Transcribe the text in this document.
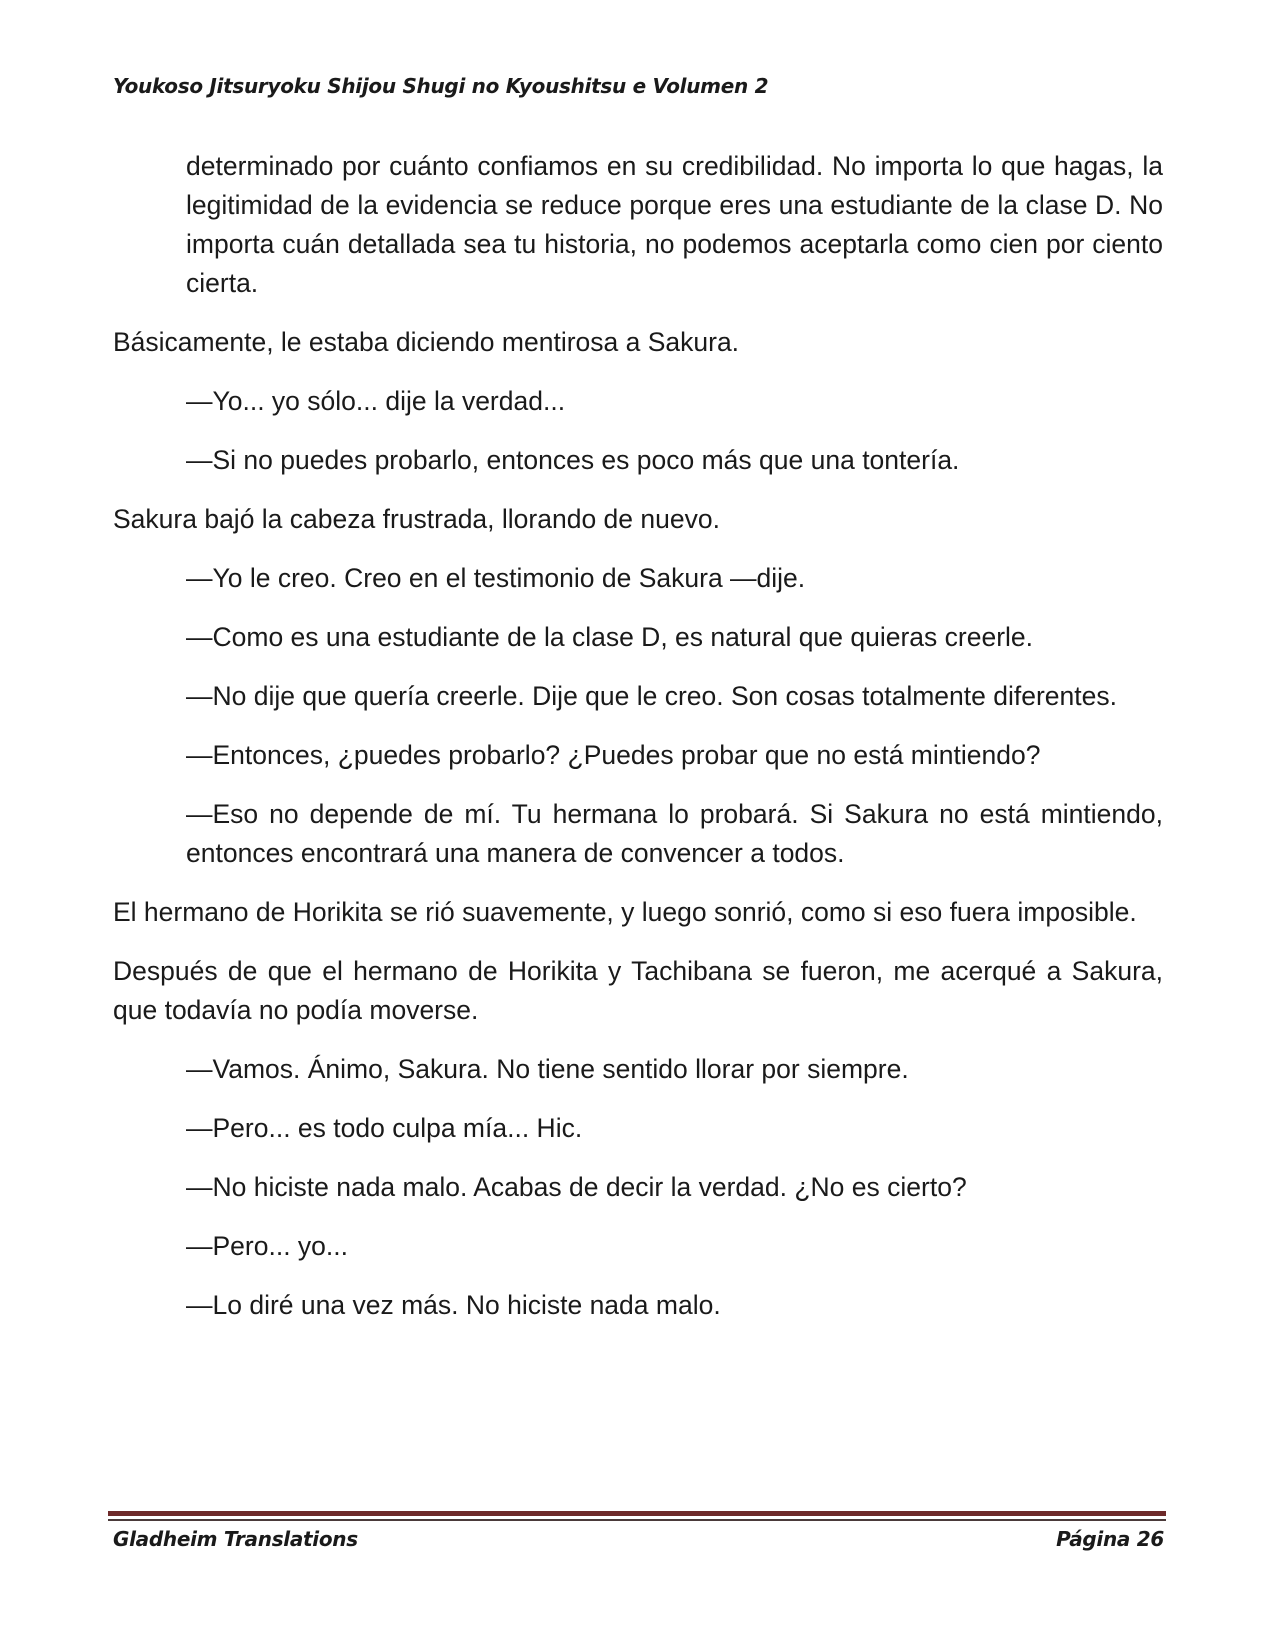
Youkoso Jitsuryoku Shijou Shugi no Kyoushitsu e Volumen 2

determinado por cuánto confiamos en su credibilidad. No importa lo que hagas, la legitimidad de la evidencia se reduce porque eres una estudiante de la clase D. No importa cuán detallada sea tu historia, no podemos aceptarla como cien por ciento cierta.

Básicamente, le estaba diciendo mentirosa a Sakura.

—Yo... yo sólo... dije la verdad...

—Si no puedes probarlo, entonces es poco más que una tontería.

Sakura bajó la cabeza frustrada, llorando de nuevo.

—Yo le creo. Creo en el testimonio de Sakura —dije.

—Como es una estudiante de la clase D, es natural que quieras creerle.

—No dije que quería creerle. Dije que le creo. Son cosas totalmente diferentes.

—Entonces, ¿puedes probarlo? ¿Puedes probar que no está mintiendo?

—Eso no depende de mí. Tu hermana lo probará. Si Sakura no está mintiendo, entonces encontrará una manera de convencer a todos.

El hermano de Horikita se rió suavemente, y luego sonrió, como si eso fuera imposible.

Después de que el hermano de Horikita y Tachibana se fueron, me acerqué a Sakura, que todavía no podía moverse.

—Vamos. Ánimo, Sakura. No tiene sentido llorar por siempre.

—Pero... es todo culpa mía... Hic.

—No hiciste nada malo. Acabas de decir la verdad. ¿No es cierto?

—Pero... yo...

—Lo diré una vez más. No hiciste nada malo.

Gladheim Translations	Página 26
